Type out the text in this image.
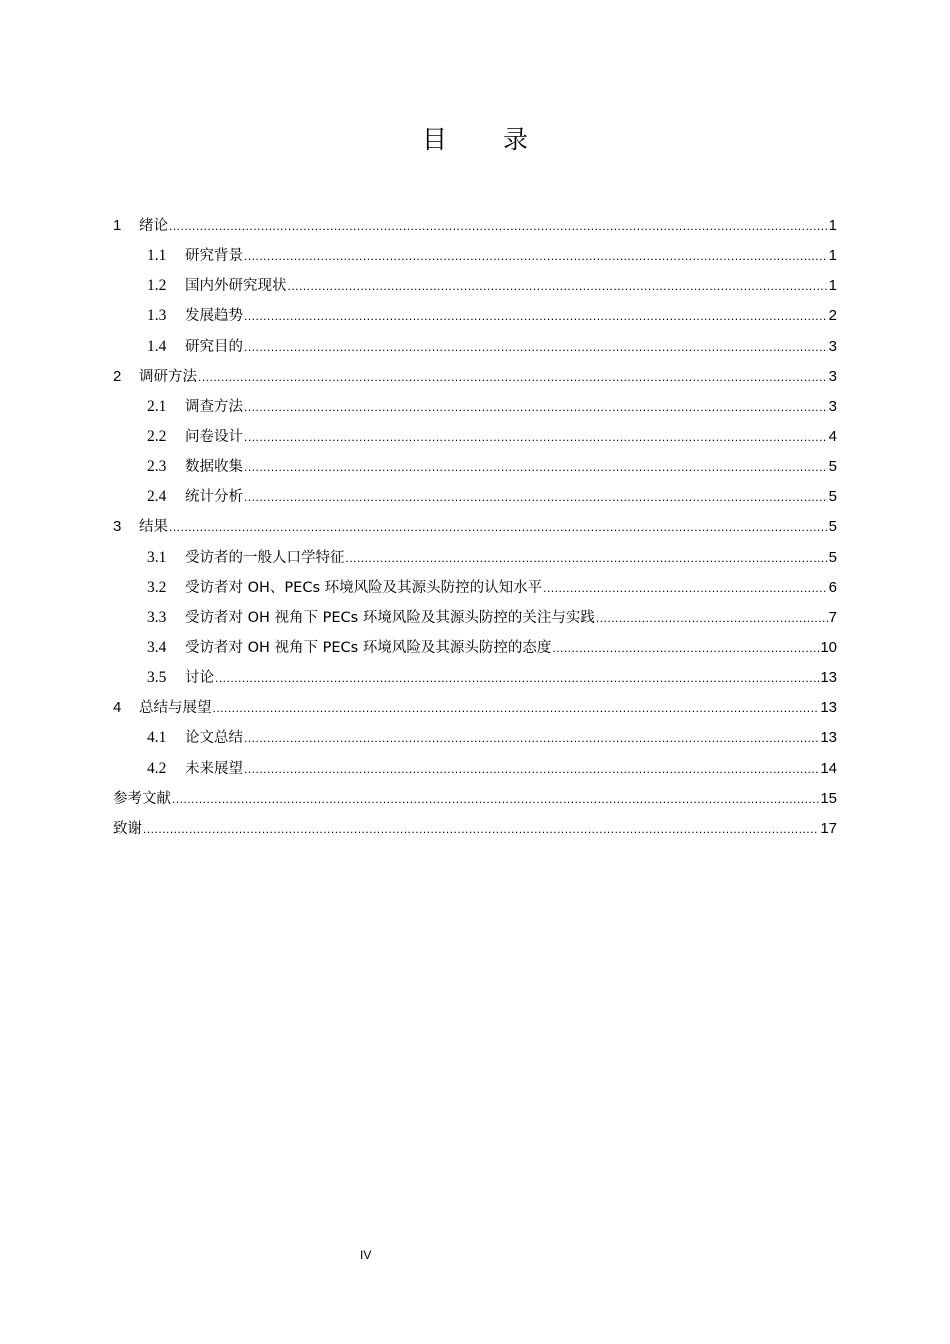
目 录
1	绪论 .....	1
1.1	研究背景 .....	1
1.2	国内外研究现状 .....	1
1.3	发展趋势 .....	2
1.4	研究目的 .....	3
2	调研方法 .....	3
2.1	调查方法 .....	3
2.2	问卷设计 .....	4
2.3	数据收集 .....	5
2.4	统计分析 .....	5
3	结果 .....	5
3.1	受访者的一般人口学特征 .....	5
3.2	受访者对 OH、PECs 环境风险及其源头防控的认知水平 .....	6
3.3	受访者对 OH 视角下 PECs 环境风险及其源头防控的关注与实践 .....	7
3.4	受访者对 OH 视角下 PECs 环境风险及其源头防控的态度 .....	10
3.5	讨论 .....	13
4	总结与展望 .....	13
4.1	论文总结 .....	13
4.2	未来展望 .....	14
参考文献 .....	15
致谢 .....	17
IV
